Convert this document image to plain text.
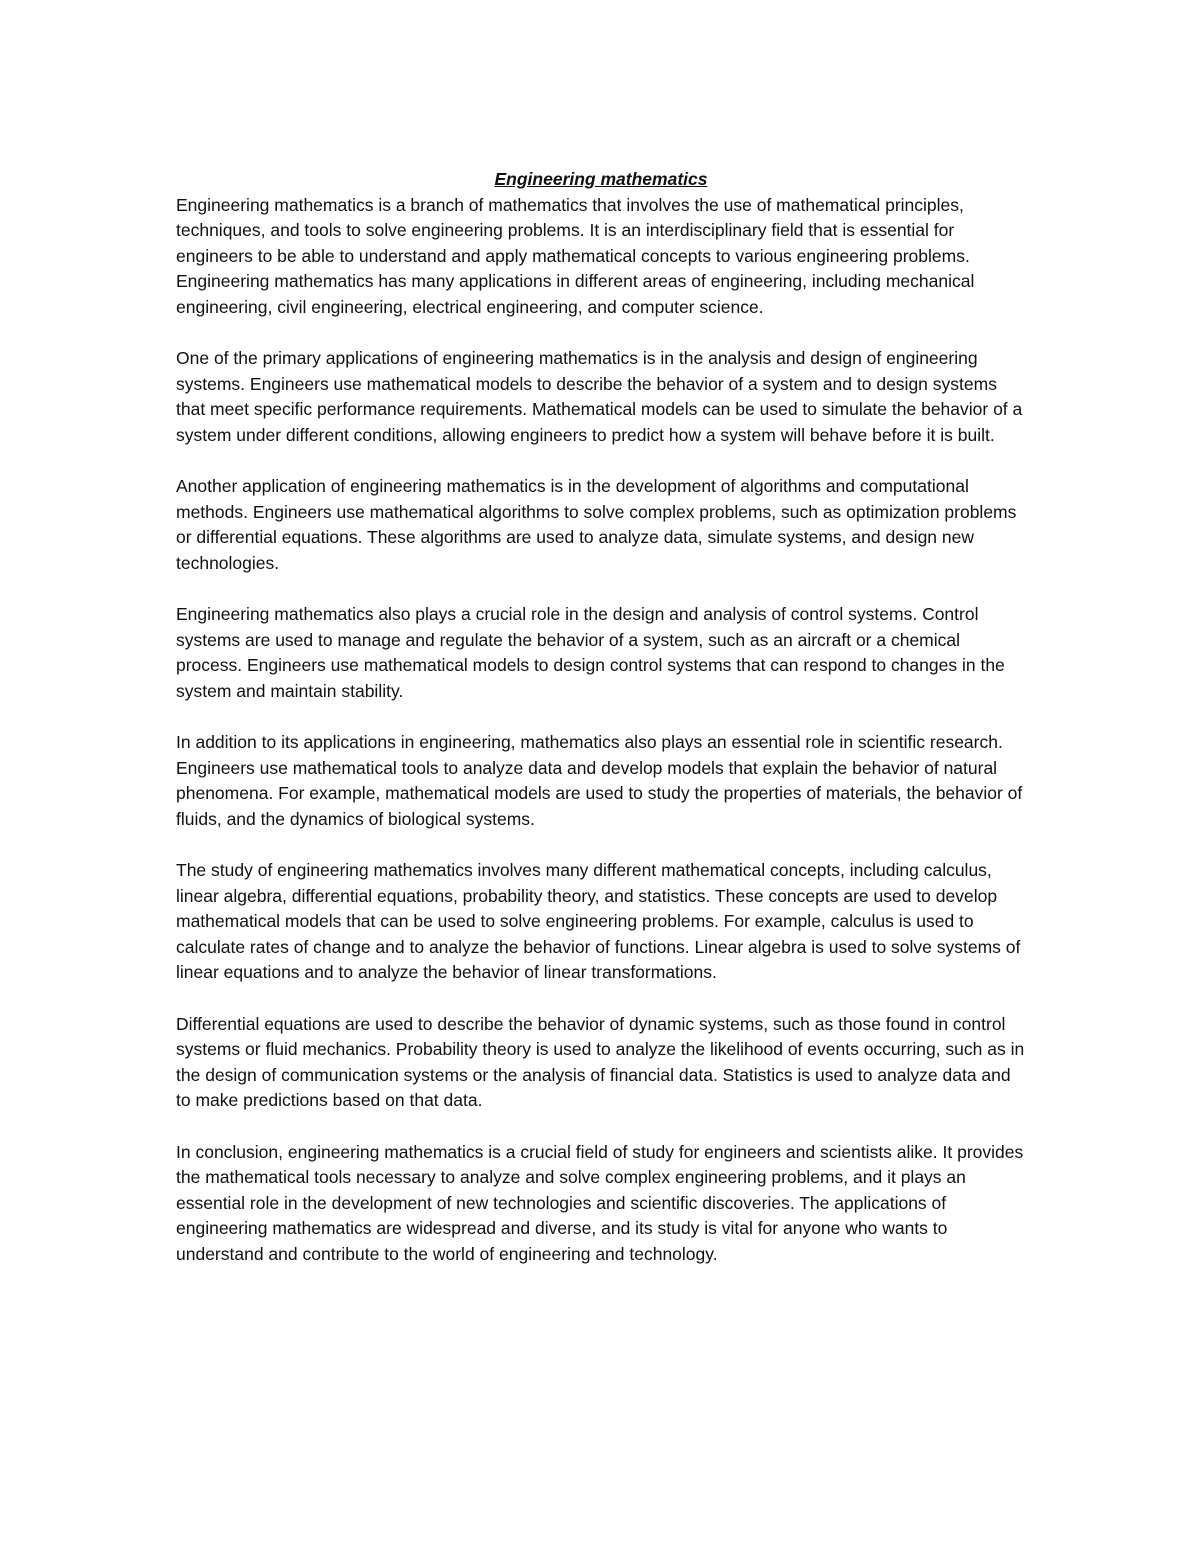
Engineering mathematics

Engineering mathematics is a branch of mathematics that involves the use of mathematical principles, techniques, and tools to solve engineering problems. It is an interdisciplinary field that is essential for engineers to be able to understand and apply mathematical concepts to various engineering problems. Engineering mathematics has many applications in different areas of engineering, including mechanical engineering, civil engineering, electrical engineering, and computer science.

One of the primary applications of engineering mathematics is in the analysis and design of engineering systems. Engineers use mathematical models to describe the behavior of a system and to design systems that meet specific performance requirements. Mathematical models can be used to simulate the behavior of a system under different conditions, allowing engineers to predict how a system will behave before it is built.

Another application of engineering mathematics is in the development of algorithms and computational methods. Engineers use mathematical algorithms to solve complex problems, such as optimization problems or differential equations. These algorithms are used to analyze data, simulate systems, and design new technologies.

Engineering mathematics also plays a crucial role in the design and analysis of control systems. Control systems are used to manage and regulate the behavior of a system, such as an aircraft or a chemical process. Engineers use mathematical models to design control systems that can respond to changes in the system and maintain stability.

In addition to its applications in engineering, mathematics also plays an essential role in scientific research. Engineers use mathematical tools to analyze data and develop models that explain the behavior of natural phenomena. For example, mathematical models are used to study the properties of materials, the behavior of fluids, and the dynamics of biological systems.

The study of engineering mathematics involves many different mathematical concepts, including calculus, linear algebra, differential equations, probability theory, and statistics. These concepts are used to develop mathematical models that can be used to solve engineering problems. For example, calculus is used to calculate rates of change and to analyze the behavior of functions. Linear algebra is used to solve systems of linear equations and to analyze the behavior of linear transformations.

Differential equations are used to describe the behavior of dynamic systems, such as those found in control systems or fluid mechanics. Probability theory is used to analyze the likelihood of events occurring, such as in the design of communication systems or the analysis of financial data. Statistics is used to analyze data and to make predictions based on that data.

In conclusion, engineering mathematics is a crucial field of study for engineers and scientists alike. It provides the mathematical tools necessary to analyze and solve complex engineering problems, and it plays an essential role in the development of new technologies and scientific discoveries. The applications of engineering mathematics are widespread and diverse, and its study is vital for anyone who wants to understand and contribute to the world of engineering and technology.
